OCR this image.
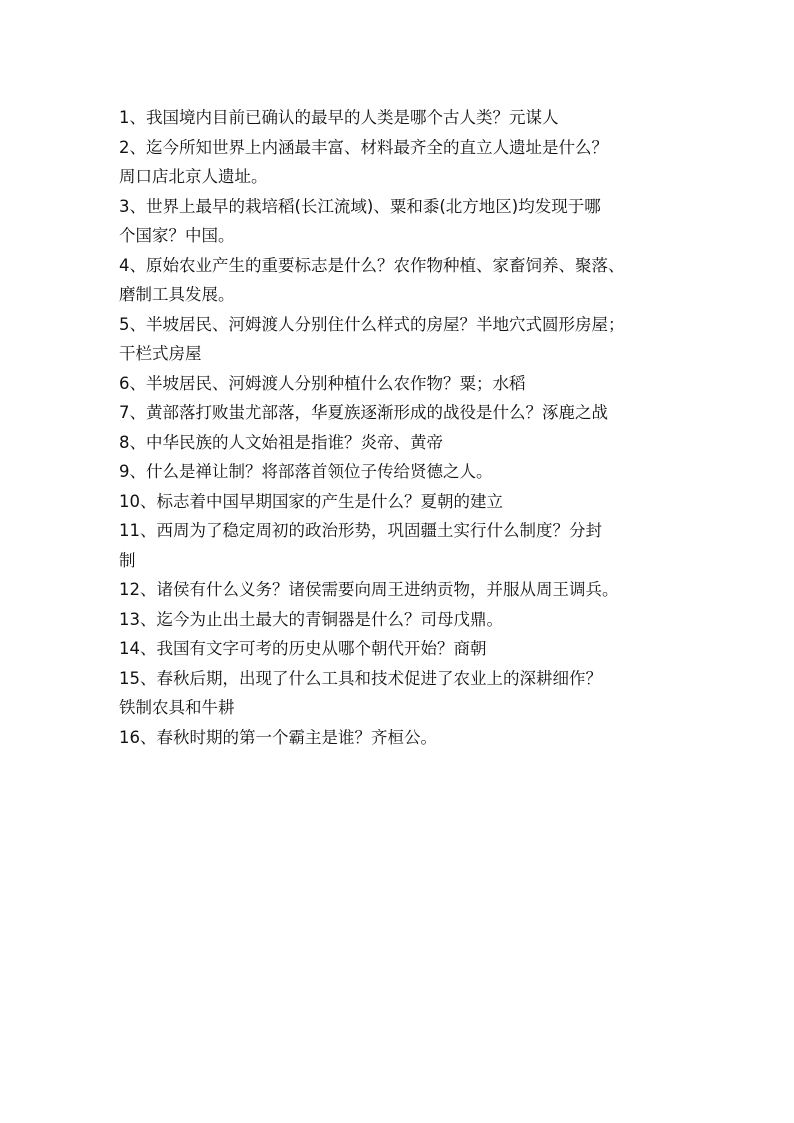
1、我国境内目前已确认的最早的人类是哪个古人类？元谋人

2、迄今所知世界上内涵最丰富、材料最齐全的直立人遗址是什么？

周口店北京人遗址。

3、世界上最早的栽培稻(长江流域)、粟和黍(北方地区)均发现于哪

个国家？中国。

4、原始农业产生的重要标志是什么？农作物种植、家畜饲养、聚落、

磨制工具发展。

5、半坡居民、河姆渡人分别住什么样式的房屋？半地穴式圆形房屋；

干栏式房屋

6、半坡居民、河姆渡人分别种植什么农作物？粟；水稻

7、黄部落打败蚩尤部落，华夏族逐渐形成的战役是什么？涿鹿之战

8、中华民族的人文始祖是指谁？炎帝、黄帝

9、什么是禅让制？将部落首领位子传给贤德之人。

10、标志着中国早期国家的产生是什么？夏朝的建立

11、西周为了稳定周初的政治形势，巩固疆土实行什么制度？分封

制

12、诸侯有什么义务？诸侯需要向周王进纳贡物，并服从周王调兵。

13、迄今为止出土最大的青铜器是什么？司母戊鼎。

14、我国有文字可考的历史从哪个朝代开始？商朝

15、春秋后期，出现了什么工具和技术促进了农业上的深耕细作？

铁制农具和牛耕

16、春秋时期的第一个霸主是谁？齐桓公。
